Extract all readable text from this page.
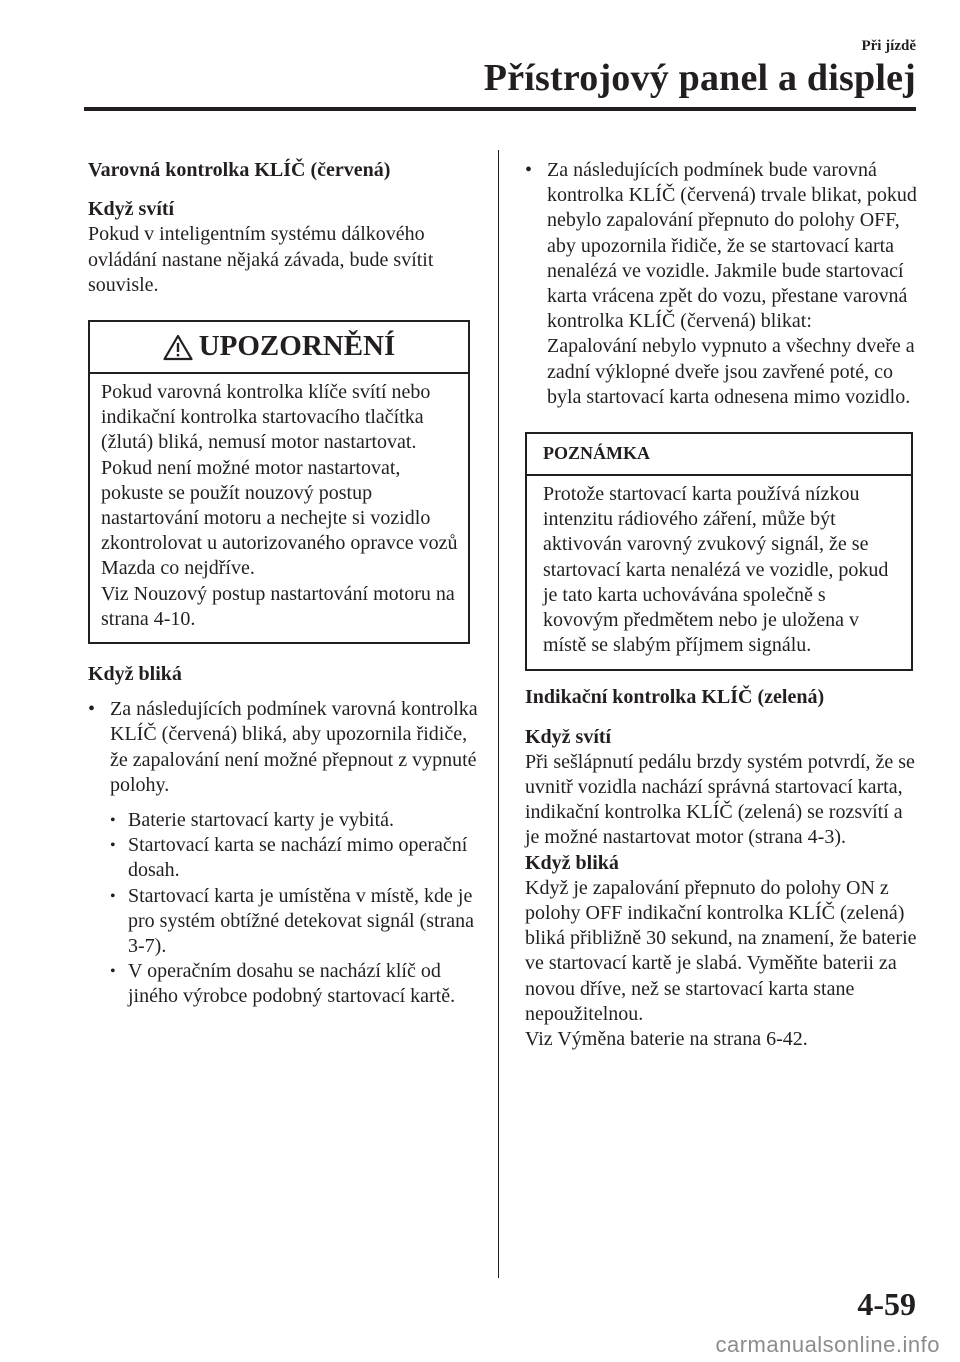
Při jízdě
Přístrojový panel a displej

Varovná kontrolka KLÍČ (červená)

Když svítí

Pokud v inteligentním systému dálkového ovládání nastane nějaká závada, bude svítit souvisle.

UPOZORNĚNÍ

Pokud varovná kontrolka klíče svítí nebo indikační kontrolka startovacího tlačítka (žlutá) bliká, nemusí motor nastartovat. Pokud není možné motor nastartovat, pokuste se použít nouzový postup nastartování motoru a nechejte si vozidlo zkontrolovat u autorizovaného opravce vozů Mazda co nejdříve.

Viz Nouzový postup nastartování motoru na strana 4-10.

Když bliká

• Za následujících podmínek varovná kontrolka KLÍČ (červená) bliká, aby upozornila řidiče, že zapalování není možné přepnout z vypnuté polohy.
• Baterie startovací karty je vybitá.
• Startovací karta se nachází mimo operační dosah.
• Startovací karta je umístěna v místě, kde je pro systém obtížné detekovat signál (strana 3-7).
• V operačním dosahu se nachází klíč od jiného výrobce podobný startovací kartě.
• Za následujících podmínek bude varovná kontrolka KLÍČ (červená) trvale blikat, pokud nebylo zapalování přepnuto do polohy OFF, aby upozornila řidiče, že se startovací karta nenalézá ve vozidle. Jakmile bude startovací karta vrácena zpět do vozu, přestane varovná kontrolka KLÍČ (červená) blikat:

Zapalování nebylo vypnuto a všechny dveře a zadní výklopné dveře jsou zavřené poté, co byla startovací karta odnesena mimo vozidlo.

POZNÁMKA

Protože startovací karta používá nízkou intenzitu rádiového záření, může být aktivován varovný zvukový signál, že se startovací karta nenalézá ve vozidle, pokud je tato karta uchovávána společně s kovovým předmětem nebo je uložena v místě se slabým příjmem signálu.

Indikační kontrolka KLÍČ (zelená)

Když svítí

Při sešlápnutí pedálu brzdy systém potvrdí, že se uvnitř vozidla nachází správná startovací karta, indikační kontrolka KLÍČ (zelená) se rozsvítí a je možné nastartovat motor (strana 4-3).

Když bliká

Když je zapalování přepnuto do polohy ON z polohy OFF indikační kontrolka KLÍČ (zelená) bliká přibližně 30 sekund, na znamení, že baterie ve startovací kartě je slabá. Vyměňte baterii za novou dříve, než se startovací karta stane nepoužitelnou.

Viz Výměna baterie na strana 6-42.

4-59
carmanualsonline.info
